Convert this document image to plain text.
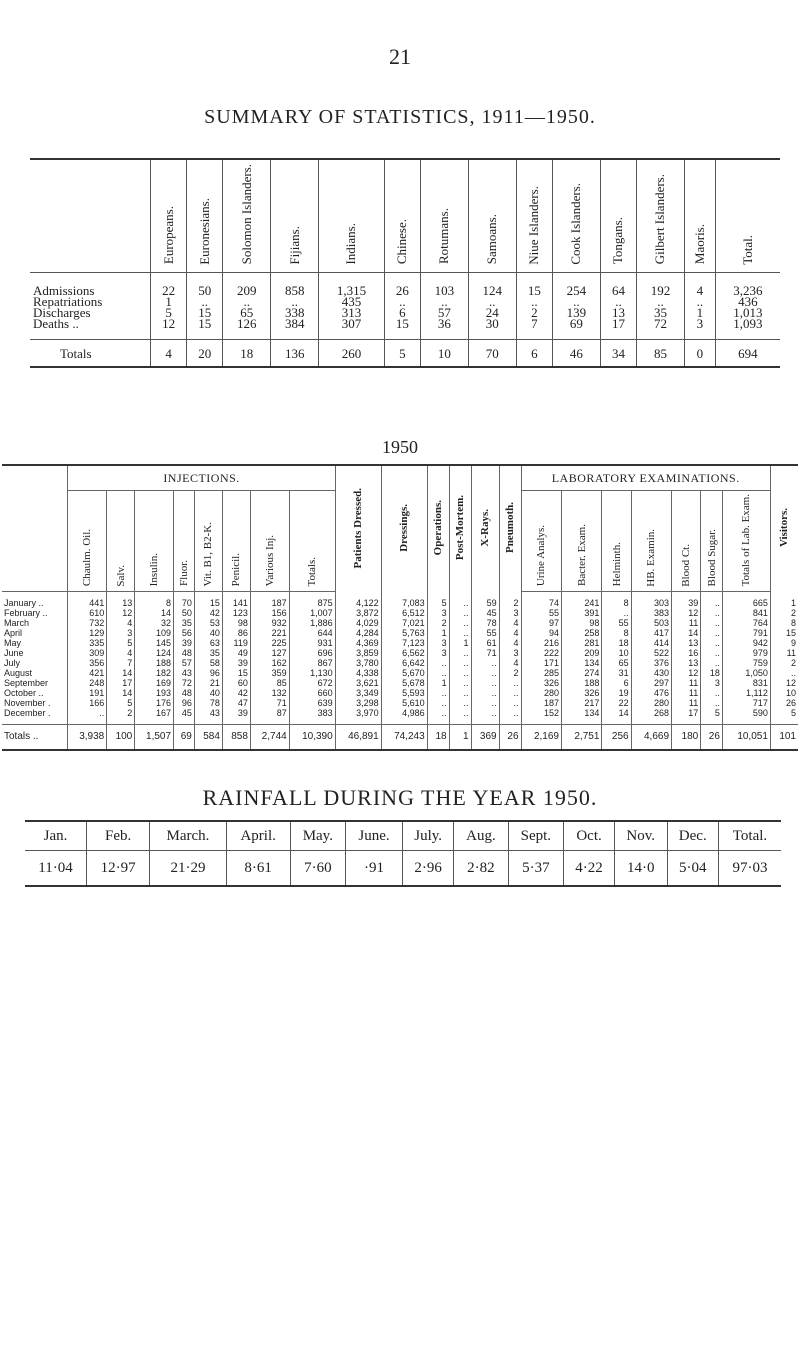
21
SUMMARY OF STATISTICS, 1911—1950.
	Europeans.	Euronesians.	Solomon Islanders.	Fijians.	Indians.	Chinese.	Rotumans.	Samoans.	Niue Islanders.	Cook Islanders.	Tongans.	Gilbert Islanders.	Maoris.	Total.
Admissions	22	50	209	858	1,315	26	103	124	15	254	64	192	4	3,236
Repatriations	1	..	..	..	435	..	..	..	..	..	..	..	..	436
Discharges	5	15	65	338	313	6	57	24	2	139	13	35	1	1,013
Deaths ..	12	15	126	384	307	15	36	30	7	69	17	72	3	1,093
Totals	4	20	18	136	260	5	10	70	6	46	34	85	0	694
1950
	INJECTIONS.								Patients Dressed.	Dressings.	Operations.	Post-Mortem.	X-Rays.	Pneumoth.	LABORATORY EXAMINATIONS.							Visitors.
	Chaulm. Oil.	Salv.	Insulin.	Fluor.	Vit. B1, B2-K.	Penicil.	Various Inj.	Totals.							Urine Analys.	Bacter. Exam.	Helminth.	HB. Examin.	Blood Ct.	Blood Sugar.	Totals of Lab. Exam.	
January ..	441	13	8	70	15	141	187	875	4,122	7,083	5	..	59	2	74	241	8	303	39	..	665	1
February ..	610	12	14	50	42	123	156	1,007	3,872	6,512	3	..	45	3	55	391	..	383	12	..	841	2
March	732	4	32	35	53	98	932	1,886	4,029	7,021	2	..	78	4	97	98	55	503	11	..	764	8
April	129	3	109	56	40	86	221	644	4,284	5,763	1	..	55	4	94	258	8	417	14	..	791	15
May	335	5	145	39	63	119	225	931	4,369	7,123	3	1	61	4	216	281	18	414	13	..	942	9
June	309	4	124	48	35	49	127	696	3,859	6,562	3	..	71	3	222	209	10	522	16	..	979	11
July	356	7	188	57	58	39	162	867	3,780	6,642	..	..	..	4	171	134	65	376	13	..	759	2
August	421	14	182	43	96	15	359	1,130	4,338	5,670	..	..	..	2	285	274	31	430	12	18	1,050	..
September	248	17	169	72	21	60	85	672	3,621	5,678	1	..	..	..	326	188	6	297	11	3	831	12
October ..	191	14	193	48	40	42	132	660	3,349	5,593	..	..	..	..	280	326	19	476	11	..	1,112	10
November .	166	5	176	96	78	47	71	639	3,298	5,610	..	..	..	..	187	217	22	280	11	..	717	26
December .	..	2	167	45	43	39	87	383	3,970	4,986	..	..	..	..	152	134	14	268	17	5	590	5
Totals ..	3,938	100	1,507	69	584	858	2,744	10,390	46,891	74,243	18	1	369	26	2,169	2,751	256	4,669	180	26	10,051	101
RAINFALL DURING THE YEAR 1950.
Jan.	Feb.	March.	April.	May.	June.	July.	Aug.	Sept.	Oct.	Nov.	Dec.	Total.
11·04	12·97	21·29	8·61	7·60	·91	2·96	2·82	5·37	4·22	14·0	5·04	97·03
